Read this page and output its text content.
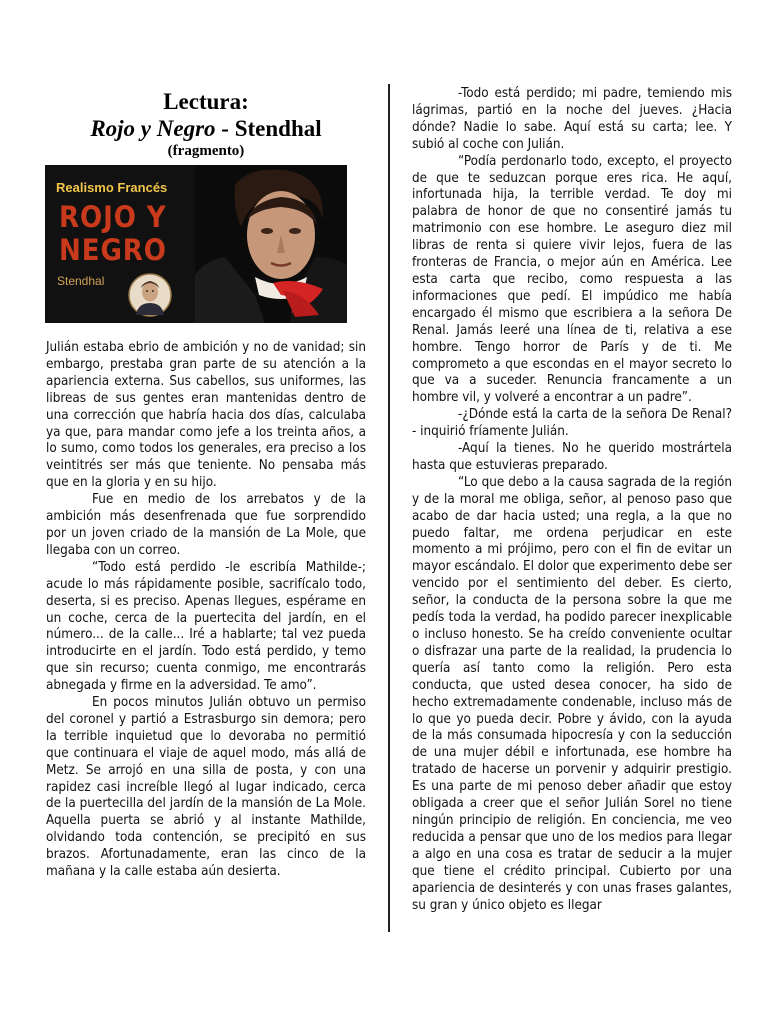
Lectura:
Rojo y Negro - Stendhal
(fragmento)
Realismo Francés
ROJO Y
NEGRO
Stendhal

Julián estaba ebrio de ambición y no de vanidad; sin embargo, prestaba gran parte de su atención a la apariencia externa. Sus cabellos, sus uniformes, las libreas de sus gentes eran mantenidas dentro de una corrección que habría hacia dos días, calculaba ya que, para mandar como jefe a los treinta años, a lo sumo, como todos los generales, era preciso a los veintitrés ser más que teniente. No pensaba más que en la gloria y en su hijo.

Fue en medio de los arrebatos y de la ambición más desenfrenada que fue sorprendido por un joven criado de la mansión de La Mole, que llegaba con un correo.

“Todo está perdido -le escribía Mathilde-; acude lo más rápidamente posible, sacrifícalo todo, deserta, si es preciso. Apenas llegues, espérame en un coche, cerca de la puertecita del jardín, en el número... de la calle... Iré a hablarte; tal vez pueda introducirte en el jardín. Todo está perdido, y temo que sin recurso; cuenta conmigo, me encontrarás abnegada y firme en la adversidad. Te amo”.

En pocos minutos Julián obtuvo un permiso del coronel y partió a Estrasburgo sin demora; pero la terrible inquietud que lo devoraba no permitió que continuara el viaje de aquel modo, más allá de Metz. Se arrojó en una silla de posta, y con una rapidez casi increíble llegó al lugar indicado, cerca de la puertecilla del jardín de la mansión de La Mole. Aquella puerta se abrió y al instante Mathilde, olvidando toda contención, se precipitó en sus brazos. Afortunadamente, eran las cinco de la mañana y la calle estaba aún desierta.

-Todo está perdido; mi padre, temiendo mis lágrimas, partió en la noche del jueves. ¿Hacia dónde? Nadie lo sabe. Aquí está su carta; lee. Y subió al coche con Julián.

“Podía perdonarlo todo, excepto, el proyecto de que te seduzcan porque eres rica. He aquí, infortunada hija, la terrible verdad. Te doy mi palabra de honor de que no consentiré jamás tu matrimonio con ese hombre. Le aseguro diez mil libras de renta si quiere vivir lejos, fuera de las fronteras de Francia, o mejor aún en América. Lee esta carta que recibo, como respuesta a las informaciones que pedí. El impúdico me había encargado él mismo que escribiera a la señora De Renal. Jamás leeré una línea de ti, relativa a ese hombre. Tengo horror de París y de ti. Me comprometo a que escondas en el mayor secreto lo que va a suceder. Renuncia francamente a un hombre vil, y volveré a encontrar a un padre”.

-¿Dónde está la carta de la señora De Renal?- inquirió fríamente Julián.

-Aquí la tienes. No he querido mostrártela hasta que estuvieras preparado.

“Lo que debo a la causa sagrada de la región y de la moral me obliga, señor, al penoso paso que acabo de dar hacia usted; una regla, a la que no puedo faltar, me ordena perjudicar en este momento a mi prójimo, pero con el fin de evitar un mayor escándalo. El dolor que experimento debe ser vencido por el sentimiento del deber. Es cierto, señor, la conducta de la persona sobre la que me pedís toda la verdad, ha podido parecer inexplicable o incluso honesto. Se ha creído conveniente ocultar o disfrazar una parte de la realidad, la prudencia lo quería así tanto como la religión. Pero esta conducta, que usted desea conocer, ha sido de hecho extremadamente condenable, incluso más de lo que yo pueda decir. Pobre y ávido, con la ayuda de la más consumada hipocresía y con la seducción de una mujer débil e infortunada, ese hombre ha tratado de hacerse un porvenir y adquirir prestigio. Es una parte de mi penoso deber añadir que estoy obligada a creer que el señor Julián Sorel no tiene ningún principio de religión. En conciencia, me veo reducida a pensar que uno de los medios para llegar a algo en una cosa es tratar de seducir a la mujer que tiene el crédito principal. Cubierto por una apariencia de desinterés y con unas frases galantes, su gran y único objeto es llegar
